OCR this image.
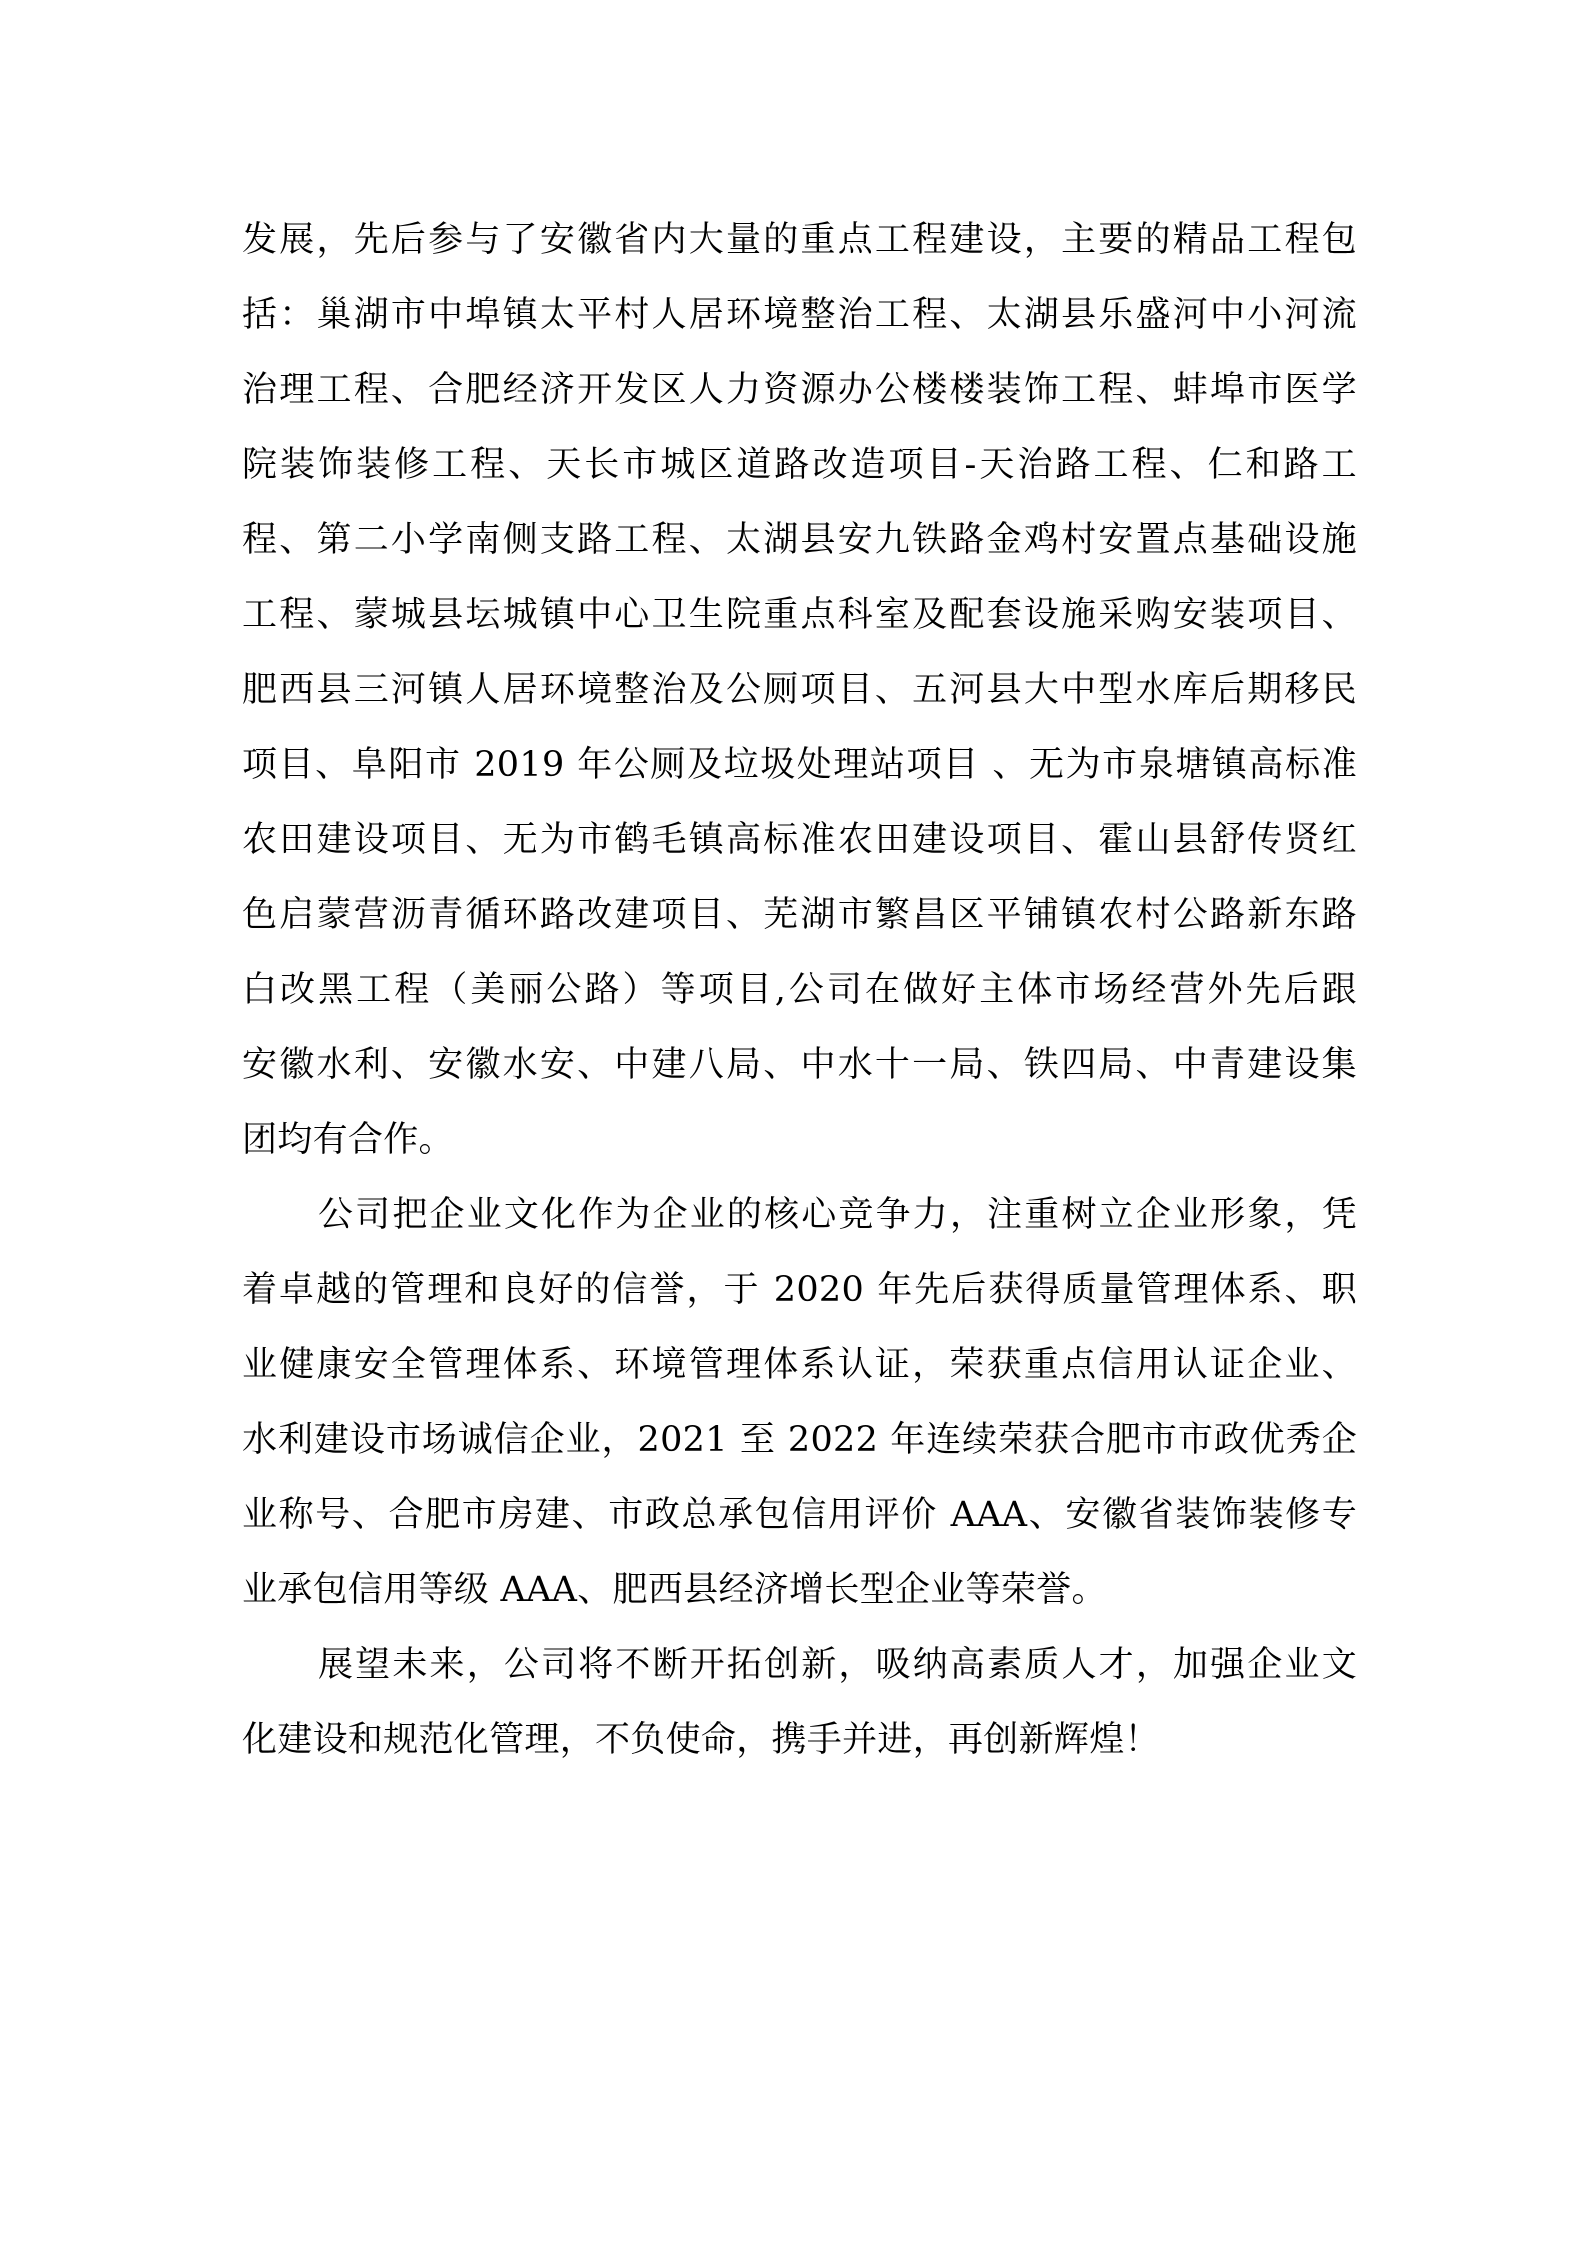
发展，先后参与了安徽省内大量的重点工程建设，主要的精品工程包

括：巢湖市中埠镇太平村人居环境整治工程、太湖县乐盛河中小河流

治理工程、合肥经济开发区人力资源办公楼楼装饰工程、蚌埠市医学

院装饰装修工程、天长市城区道路改造项目-天治路工程、仁和路工

程、第二小学南侧支路工程、太湖县安九铁路金鸡村安置点基础设施

工程、蒙城县坛城镇中心卫生院重点科室及配套设施采购安装项目、

肥西县三河镇人居环境整治及公厕项目、五河县大中型水库后期移民

项目、阜阳市 2019 年公厕及垃圾处理站项目 、无为市泉塘镇高标准

农田建设项目、无为市鹤毛镇高标准农田建设项目、霍山县舒传贤红

色启蒙营沥青循环路改建项目、芜湖市繁昌区平铺镇农村公路新东路

白改黑工程（美丽公路）等项目,公司在做好主体市场经营外先后跟

安徽水利、安徽水安、中建八局、中水十一局、铁四局、中青建设集

团均有合作。

公司把企业文化作为企业的核心竞争力，注重树立企业形象，凭

着卓越的管理和良好的信誉，于 2020 年先后获得质量管理体系、职

业健康安全管理体系、环境管理体系认证，荣获重点信用认证企业、

水利建设市场诚信企业，2021 至 2022 年连续荣获合肥市市政优秀企

业称号、合肥市房建、市政总承包信用评价 AAA、安徽省装饰装修专

业承包信用等级 AAA、肥西县经济增长型企业等荣誉。

展望未来，公司将不断开拓创新，吸纳高素质人才，加强企业文

化建设和规范化管理，不负使命，携手并进，再创新辉煌！
